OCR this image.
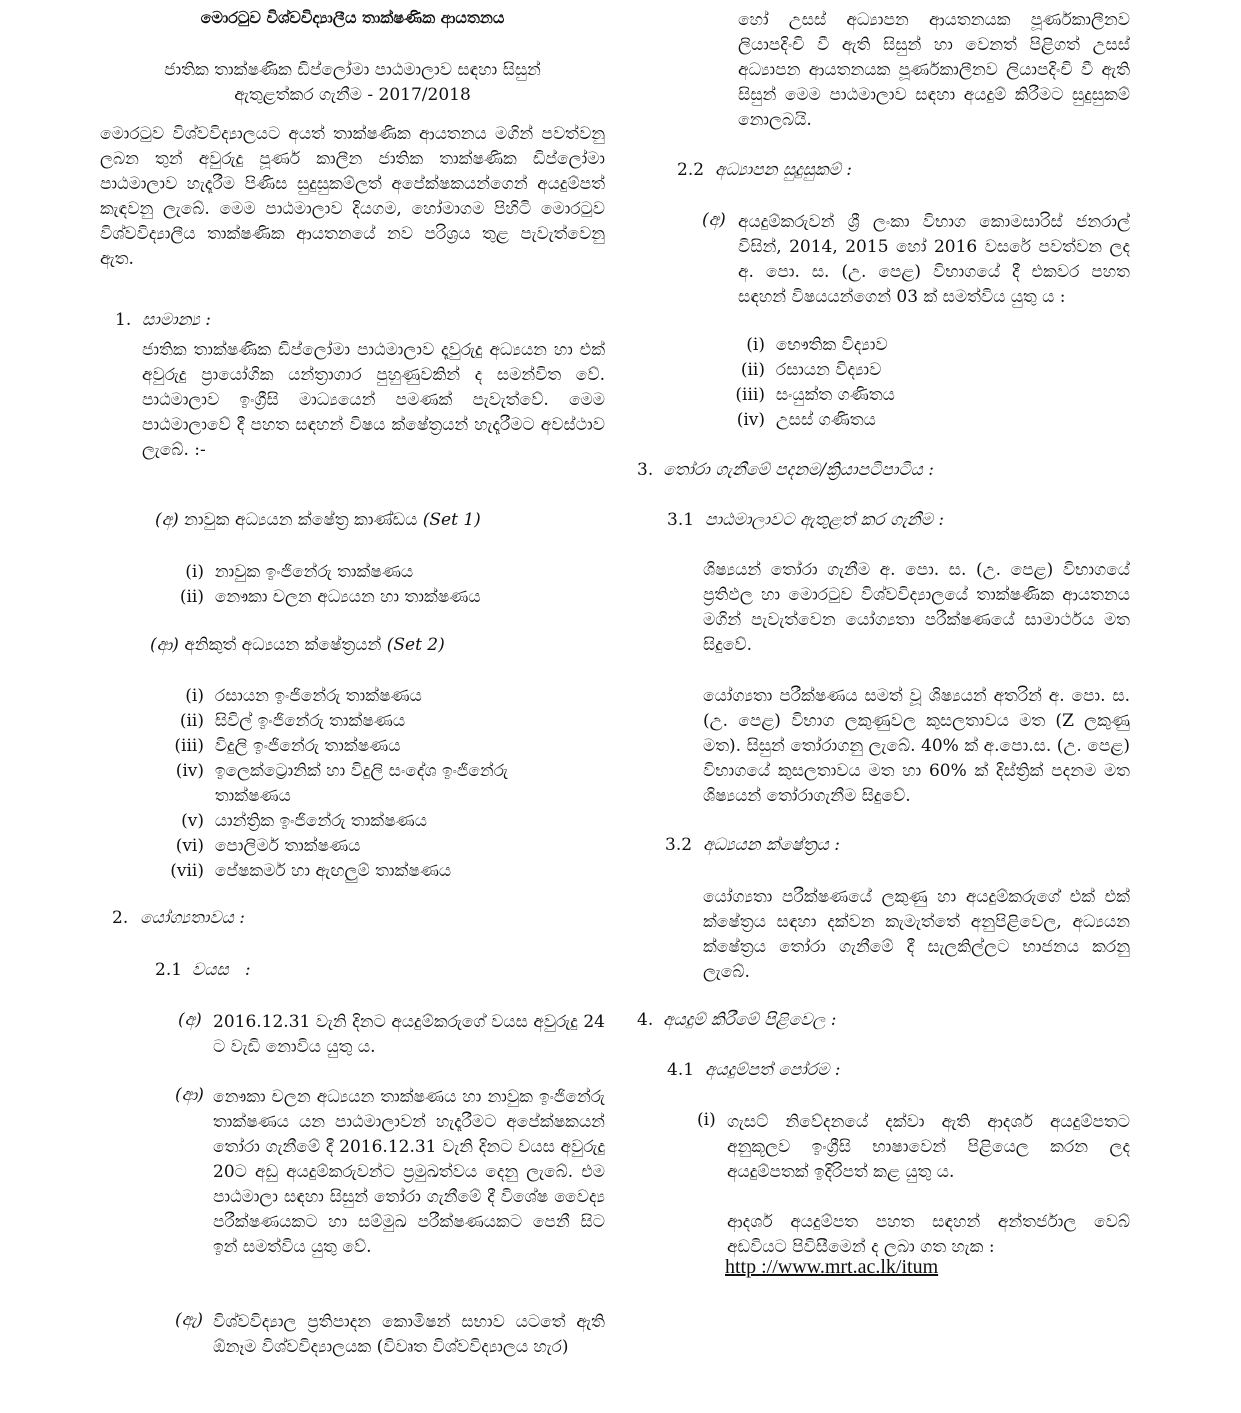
මොරටුව විශ්වවිද්‍යාලීය තාක්ෂණික ආයතනය
ජාතික තාක්ෂණික ඩිප්ලෝමා පාඨමාලාව සඳහා සිසුන්
ඇතුළත්කර ගැනීම - 2017/2018
මොරටුව විශ්වවිද්‍යාලයට අයත් තාක්ෂණික ආයතනය මගින් පවත්වනු ලබන තුන් අවුරුදු පූර්ණ කාලීන ජාතික තාක්ෂණික ඩිප්ලෝමා පාඨමාලාව හැදෑරීම පිණිස සුදුසුකම්ලත් අපේක්ෂකයන්ගෙන් අයදුම්පත් කැඳවනු ලැබේ. මෙම පාඨමාලාව දියගම, හෝමාගම පිහිටි මොරටුව විශ්වවිද්‍යාලීය තාක්ෂණික ආයතනයේ නව පරිශ්‍රය තුළ පැවැත්වෙනු ඇත.
1. සාමාන්‍ය :
ජාතික තාක්ෂණික ඩිප්ලෝමා පාඨමාලාව දෑවුරුදු අධ්‍යයන හා එක් අවුරුදු ප්‍රායෝගික යන්ත්‍රාගාර පුහුණුවකින් ද සමන්විත වේ. පාඨමාලාව ඉංග්‍රීසි මාධ්‍යයෙන් පමණක් පැවැත්වේ. මෙම පාඨමාලාවේ දී පහත සඳහන් විෂය ක්ෂේත්‍රයන් හැදෑරීමට අවස්ථාව ලැබේ. :-
(අ) නාවුක අධ්‍යයන ක්ෂේත්‍ර කාණ්ඩය (Set 1)
(i) නාවුක ඉංජිනේරු තාක්ෂණය
(ii) නෞකා චලන අධ්‍යයන හා තාක්ෂණය
(ආ) අනිකුත් අධ්‍යයන ක්ෂේත්‍රයන් (Set 2)
(i) රසායන ඉංජිනේරු තාක්ෂණය
(ii) සිවිල් ඉංජිනේරු තාක්ෂණය
(iii) විදුලි ඉංජිනේරු තාක්ෂණය
(iv) ඉලෙක්ට්‍රොනික් හා විදුලි සංදේශ ඉංජිනේරු
තාක්ෂණය
(v) යාන්ත්‍රික ඉංජිනේරු තාක්ෂණය
(vi) පොලිමර් තාක්ෂණය
(vii) පේෂකර්ම හා ඇඟලුම් තාක්ෂණය
2. යෝග්‍යතාවය :
2.1 වයස   :
(අ) 2016.12.31 වැනි දිනට අයදුම්කරුගේ වයස අවුරුදු 24 ට වැඩි නොවිය යුතු ය.
(ආ) නෞකා චලන අධ්‍යයන තාක්ෂණය හා නාවුක ඉංජිනේරු තාක්ෂණය යන පාඨමාලාවන් හැදෑරීමට අපේක්ෂකයන් තෝරා ගැනීමේ දී 2016.12.31 වැනි දිනට වයස අවුරුදු 20ට අඩු අයදුම්කරුවන්ට ප්‍රමුඛත්වය දෙනු ලැබේ. එම පාඨමාලා සඳහා සිසුන් තෝරා ගැනීමේ දී විශේෂ වෛද්‍ය පරීක්ෂණයකට හා සම්මුඛ පරීක්ෂණයකට පෙනී සිට ඉන් සමත්විය යුතු වේ.
(ඇ) විශ්වවිද්‍යාල ප්‍රතිපාදන කොමිෂන් සභාව යටතේ ඇති ඕනෑම විශ්වවිද්‍යාලයක (විවෘත විශ්වවිද්‍යාලය හැර)
හෝ උසස් අධ්‍යාපන ආයතනයක පූර්ණකාලීනව ලියාපදිංචි වී ඇති සිසුන් හා වෙනත් පිළිගත් උසස් අධ්‍යාපන ආයතනයක පූර්ණකාලීනව ලියාපදිංචි වී ඇති සිසුන් මෙම පාඨමාලාව සඳහා අයදුම් කිරීමට සුදුසුකම් නොලබයි.
2.2 අධ්‍යාපන සුදුසුකම් :
(අ) අයදුම්කරුවන් ශ්‍රී ලංකා විභාග කොමසාරිස් ජනරාල් විසින්, 2014, 2015 හෝ 2016 වසරේ පවත්වන ලද අ. පො. ස. (උ. පෙළ) විභාගයේ දී එකවර පහත සඳහන් විෂයයන්ගෙන් 03 ක් සමත්විය යුතු ය :
(i) භෞතික විද්‍යාව
(ii) රසායන විද්‍යාව
(iii) සංයුක්ත ගණිතය
(iv) උසස් ගණිතය
3. තෝරා ගැනීමේ පදනම/ක්‍රියාපටිපාටිය :
3.1 පාඨමාලාවට ඇතුළත් කර ගැනීම :
ශිෂ්‍යයන් තෝරා ගැනීම අ. පො. ස. (උ. පෙළ) විභාගයේ ප්‍රතිඵල හා මොරටුව විශ්වවිද්‍යාලයේ තාක්ෂණික ආයතනය මගින් පැවැත්වෙන යෝග්‍යතා පරීක්ෂණයේ සාමාර්ථය මත සිදුවේ.
යෝග්‍යතා පරීක්ෂණය සමත් වූ ශිෂ්‍යයන් අතරින් අ. පො. ස. (උ. පෙළ) විභාග ලකුණුවල කුසලතාවය මත (Z ලකුණු මත). සිසුන් තෝරාගනු ලැබේ. 40% ක් අ.පො.ස. (උ. පෙළ) විභාගයේ කුසලතාවය මත හා 60% ක් දිස්ත්‍රික් පදනම මත ශිෂ්‍යයන් තෝරාගැනීම සිදුවේ.
3.2 අධ්‍යයන ක්ෂේත්‍රය :
යෝග්‍යතා පරීක්ෂණයේ ලකුණු හා අයදුම්කරුගේ එක් එක් ක්ෂේත්‍රය සඳහා දක්වන කැමැත්තේ අනුපිළිවෙල, අධ්‍යයන ක්ෂේත්‍රය තෝරා ගැනීමේ දී සැලකිල්ලට භාජනය කරනු ලැබේ.
4. අයදුම් කිරීමේ පිළිවෙල :
4.1 අයදුම්පත් පෝරම :
(i) ගැසට් නිවේදනයේ දක්වා ඇති ආදර්ශ අයදුම්පතට අනුකූලව ඉංග්‍රීසි භාෂාවෙන් පිළියෙල කරන ලද අයදුම්පතක් ඉදිරිපත් කළ යුතු ය.
ආදර්ශ අයදුම්පත පහත සඳහන් අන්තර්ජාල වෙබ් අඩවියට පිවිසීමෙන් ද ලබා ගත හැක :
http ://www.mrt.ac.lk/itum
